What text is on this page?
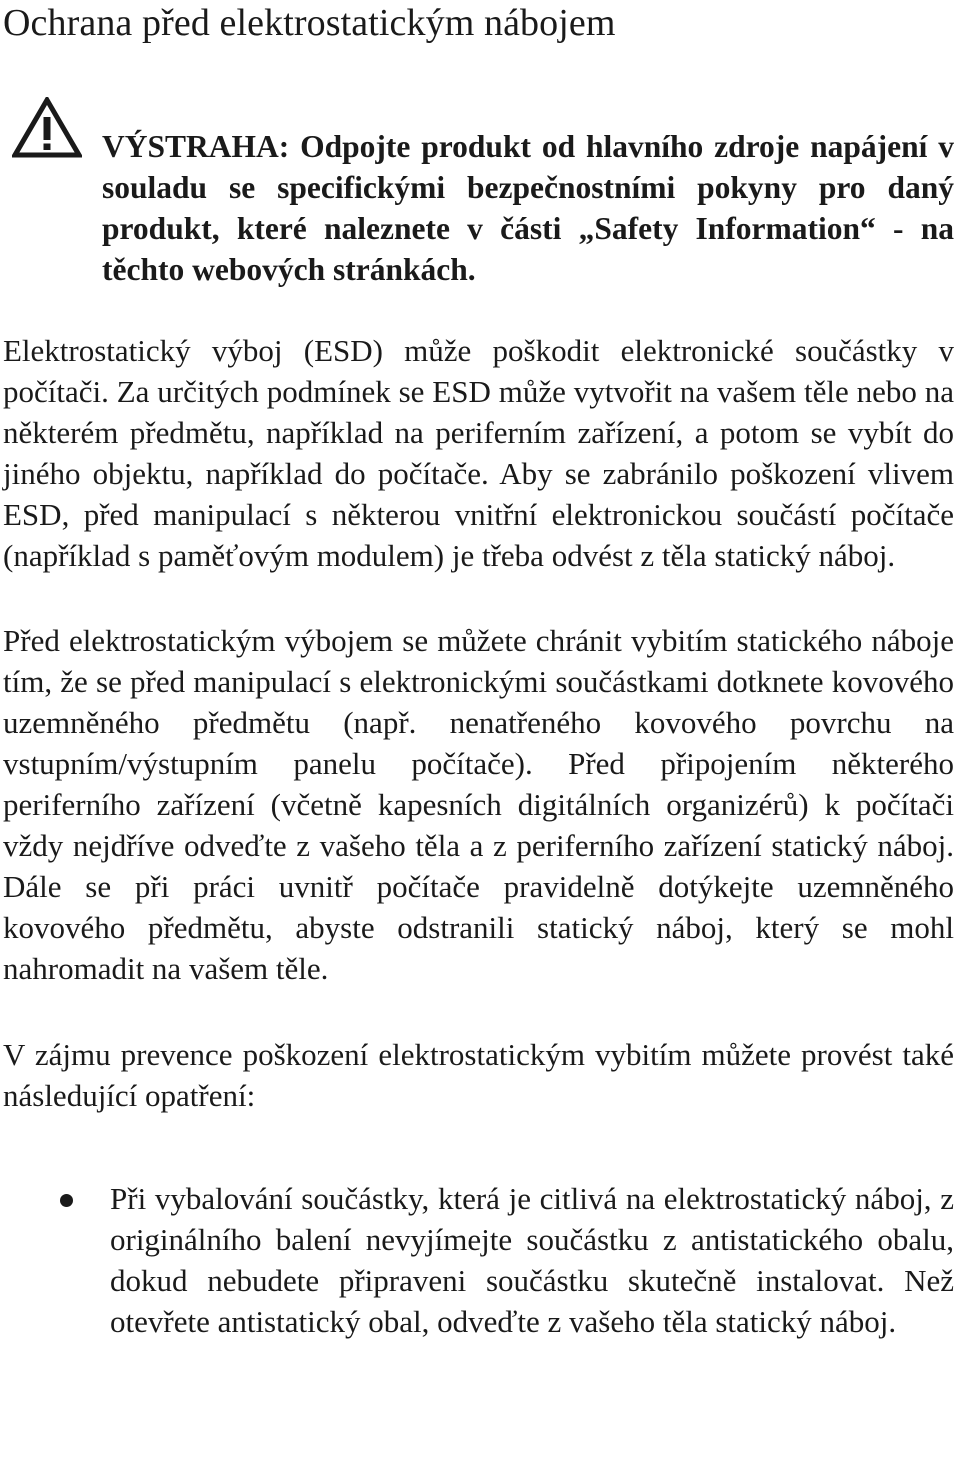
Ochrana před elektrostatickým nábojem
VÝSTRAHA: Odpojte produkt od hlavního zdroje napájení v souladu se specifickými bezpečnostními pokyny pro daný produkt, které naleznete v části „Safety Information“ - na těchto webových stránkách.

Elektrostatický výboj (ESD) může poškodit elektronické součástky v počítači. Za určitých podmínek se ESD může vytvořit na vašem těle nebo na některém předmětu, například na periferním zařízení, a potom se vybít do jiného objektu, například do počítače. Aby se zabránilo poškození vlivem ESD, před manipulací s některou vnitřní elektronickou součástí počítače (například s paměťovým modulem) je třeba odvést z těla statický náboj.

Před elektrostatickým výbojem se můžete chránit vybitím statického náboje tím, že se před manipulací s elektronickými součástkami dotknete kovového uzemněného předmětu (např. nenatřeného kovového povrchu na vstupním/výstupním panelu počítače). Před připojením některého periferního zařízení (včetně kapesních digitálních organizérů) k počítači vždy nejdříve odveďte z vašeho těla a z periferního zařízení statický náboj. Dále se při práci uvnitř počítače pravidelně dotýkejte uzemněného kovového předmětu, abyste odstranili statický náboj, který se mohl nahromadit na vašem těle.

V zájmu prevence poškození elektrostatickým vybitím můžete provést také následující opatření:

Při vybalování součástky, která je citlivá na elektrostatický náboj, z originálního balení nevyjímejte součástku z antistatického obalu, dokud nebudete připraveni součástku skutečně instalovat. Než otevřete antistatický obal, odveďte z vašeho těla statický náboj.
